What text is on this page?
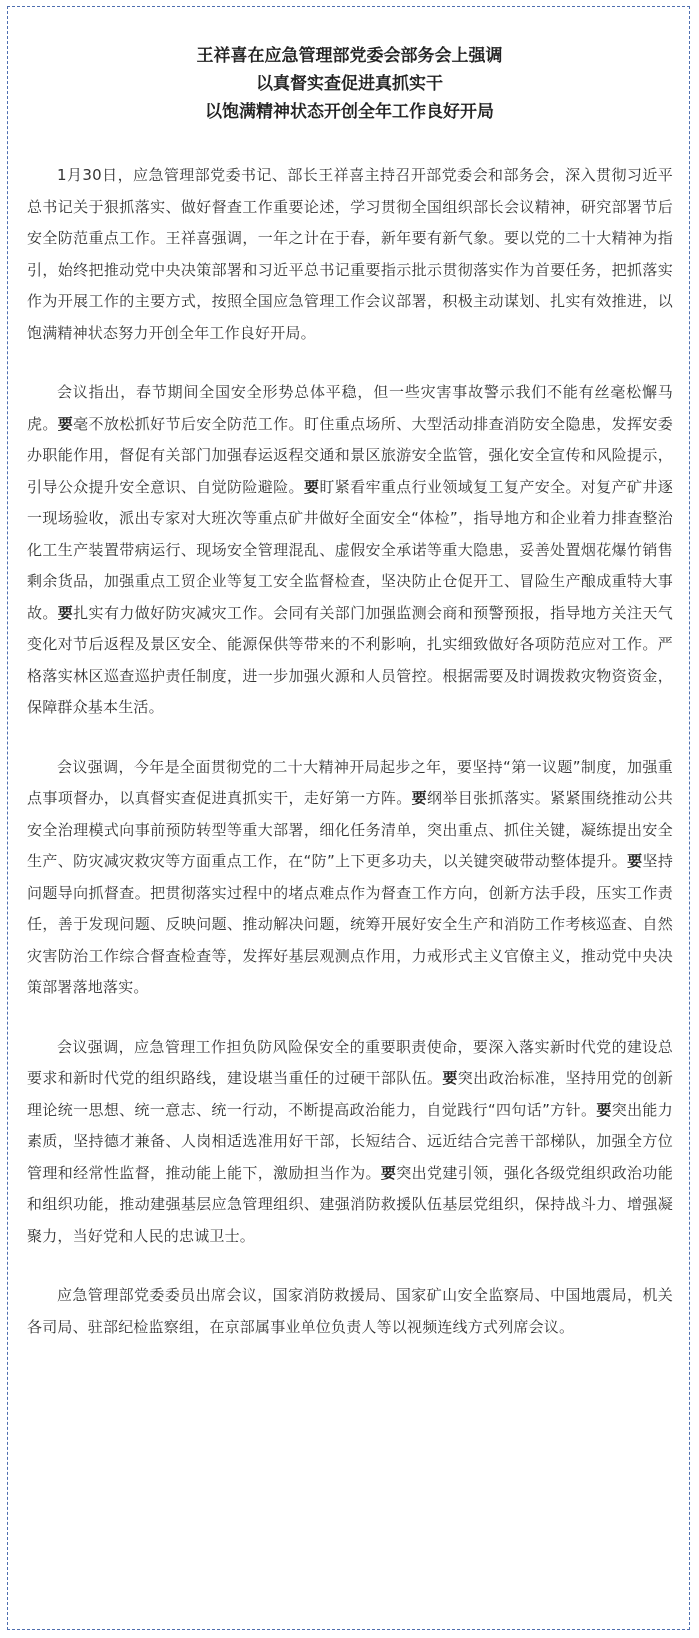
王祥喜在应急管理部党委会部务会上强调
以真督实查促进真抓实干
以饱满精神状态开创全年工作良好开局

1月30日，应急管理部党委书记、部长王祥喜主持召开部党委会和部务会，深入贯彻习近平总书记关于狠抓落实、做好督查工作重要论述，学习贯彻全国组织部长会议精神，研究部署节后安全防范重点工作。王祥喜强调，一年之计在于春，新年要有新气象。要以党的二十大精神为指引，始终把推动党中央决策部署和习近平总书记重要指示批示贯彻落实作为首要任务，把抓落实作为开展工作的主要方式，按照全国应急管理工作会议部署，积极主动谋划、扎实有效推进，以饱满精神状态努力开创全年工作良好开局。

会议指出，春节期间全国安全形势总体平稳，但一些灾害事故警示我们不能有丝毫松懈马虎。要毫不放松抓好节后安全防范工作。盯住重点场所、大型活动排查消防安全隐患，发挥安委办职能作用，督促有关部门加强春运返程交通和景区旅游安全监管，强化安全宣传和风险提示，引导公众提升安全意识、自觉防险避险。要盯紧看牢重点行业领域复工复产安全。对复产矿井逐一现场验收，派出专家对大班次等重点矿井做好全面安全“体检”，指导地方和企业着力排查整治化工生产装置带病运行、现场安全管理混乱、虚假安全承诺等重大隐患，妥善处置烟花爆竹销售剩余货品，加强重点工贸企业等复工安全监督检查，坚决防止仓促开工、冒险生产酿成重特大事故。要扎实有力做好防灾减灾工作。会同有关部门加强监测会商和预警预报，指导地方关注天气变化对节后返程及景区安全、能源保供等带来的不利影响，扎实细致做好各项防范应对工作。严格落实林区巡查巡护责任制度，进一步加强火源和人员管控。根据需要及时调拨救灾物资资金，保障群众基本生活。

会议强调，今年是全面贯彻党的二十大精神开局起步之年，要坚持“第一议题”制度，加强重点事项督办，以真督实查促进真抓实干，走好第一方阵。要纲举目张抓落实。紧紧围绕推动公共安全治理模式向事前预防转型等重大部署，细化任务清单，突出重点、抓住关键，凝练提出安全生产、防灾减灾救灾等方面重点工作，在“防”上下更多功夫，以关键突破带动整体提升。要坚持问题导向抓督查。把贯彻落实过程中的堵点难点作为督查工作方向，创新方法手段，压实工作责任，善于发现问题、反映问题、推动解决问题，统筹开展好安全生产和消防工作考核巡查、自然灾害防治工作综合督查检查等，发挥好基层观测点作用，力戒形式主义官僚主义，推动党中央决策部署落地落实。

会议强调，应急管理工作担负防风险保安全的重要职责使命，要深入落实新时代党的建设总要求和新时代党的组织路线，建设堪当重任的过硬干部队伍。要突出政治标准，坚持用党的创新理论统一思想、统一意志、统一行动，不断提高政治能力，自觉践行“四句话”方针。要突出能力素质，坚持德才兼备、人岗相适选准用好干部，长短结合、远近结合完善干部梯队，加强全方位管理和经常性监督，推动能上能下，激励担当作为。要突出党建引领，强化各级党组织政治功能和组织功能，推动建强基层应急管理组织、建强消防救援队伍基层党组织，保持战斗力、增强凝聚力，当好党和人民的忠诚卫士。

应急管理部党委委员出席会议，国家消防救援局、国家矿山安全监察局、中国地震局，机关各司局、驻部纪检监察组，在京部属事业单位负责人等以视频连线方式列席会议。
